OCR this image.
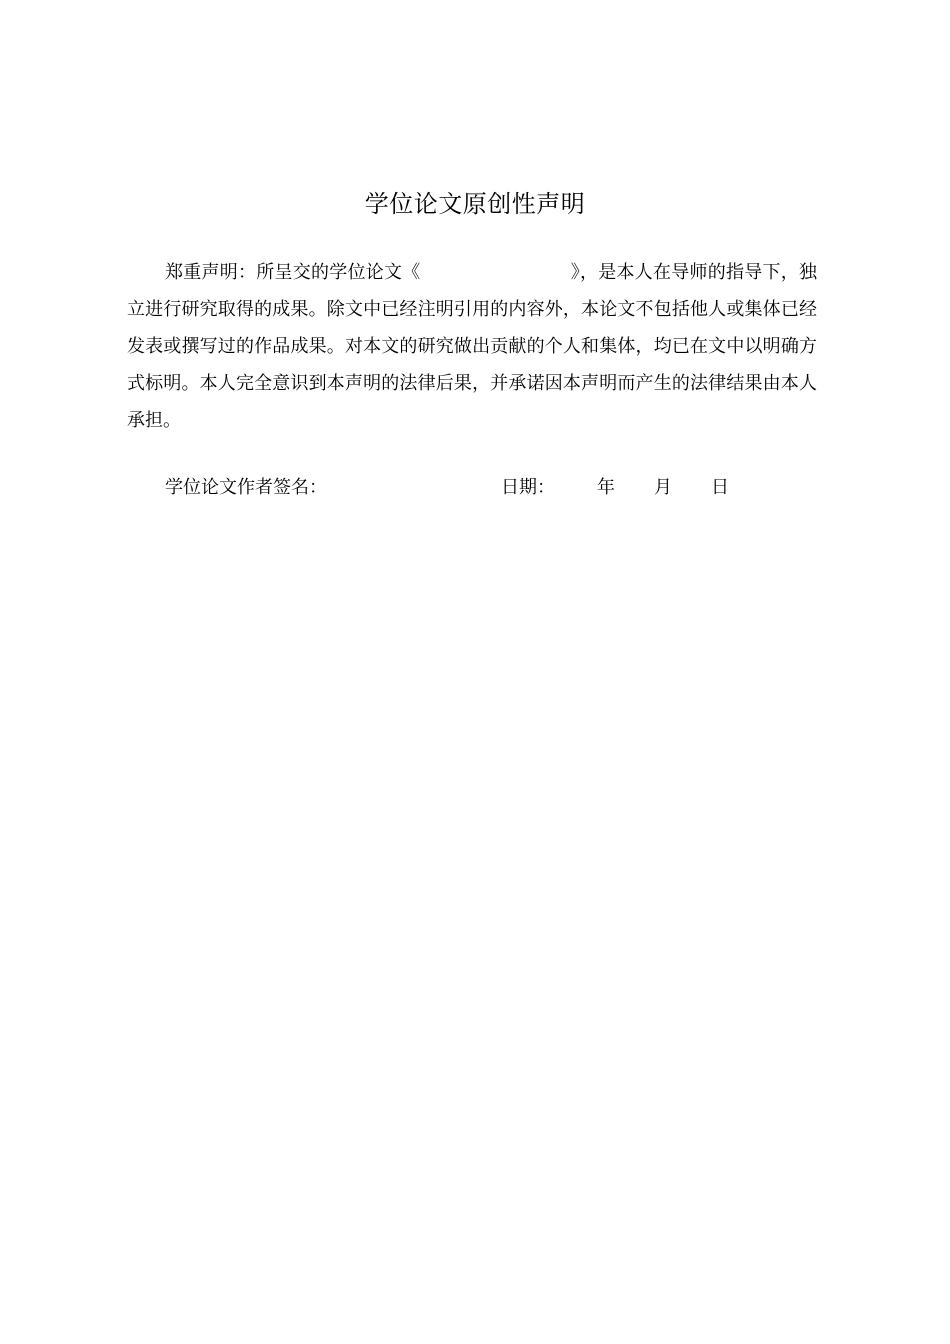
学位论文原创性声明

郑重声明：所呈交的学位论文《	》，是本人在导师的指导下，独立进行研究取得的成果。除文中已经注明引用的内容外，本论文不包括他人或集体已经发表或撰写过的作品成果。对本文的研究做出贡献的个人和集体，均已在文中以明确方式标明。本人完全意识到本声明的法律后果，并承诺因本声明而产生的法律结果由本人承担。

学位论文作者签名：	日期： 年 月 日
